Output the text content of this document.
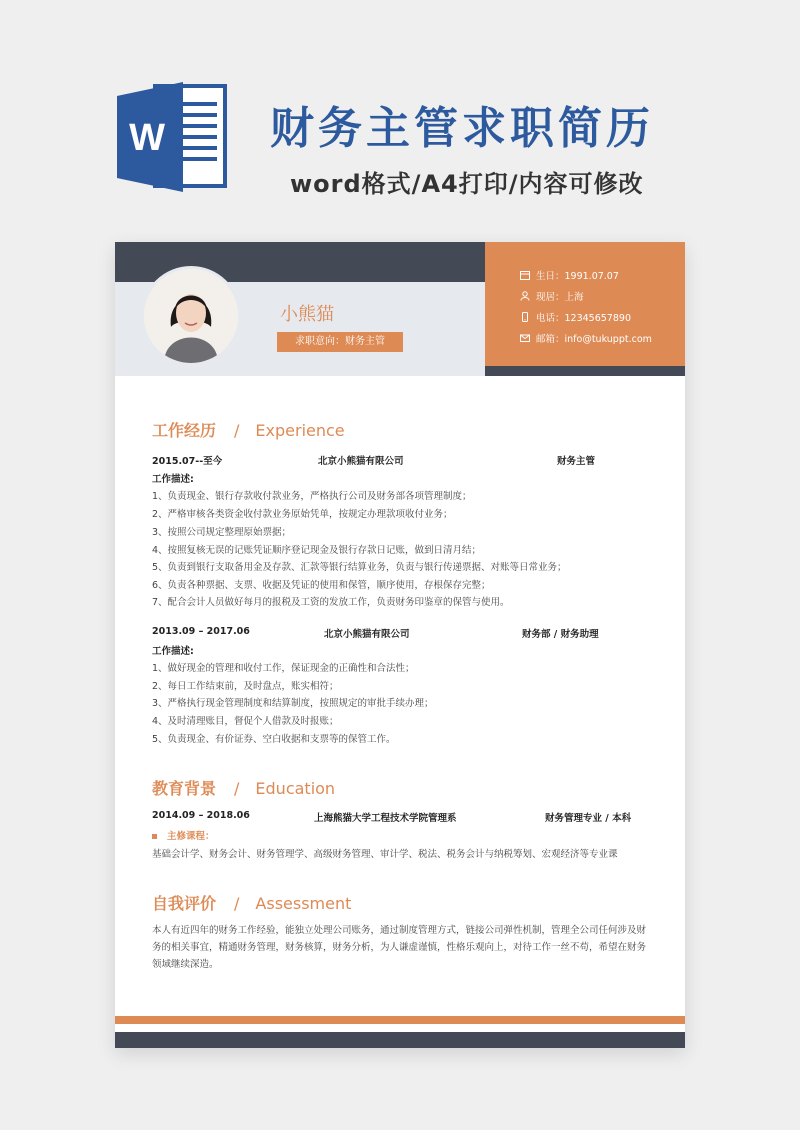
W 财务主管求职简历
word格式/A4打印/内容可修改
小熊猫
求职意向：财务主管
生日：1991.07.07
现居：上海
电话：12345657890
邮箱：info@tukuppt.com
工作经历 / Experience
2015.07--至今	北京小熊猫有限公司	财务主管
工作描述:
1、负责现金、银行存款收付款业务，严格执行公司及财务部各项管理制度；
2、严格审核各类资金收付款业务原始凭单，按规定办理款项收付业务；
3、按照公司规定整理原始票据；
4、按照复核无误的记账凭证顺序登记现金及银行存款日记账，做到日清月结；
5、负责到银行支取备用金及存款、汇款等银行结算业务，负责与银行传递票据、对账等日常业务；
6、负责各种票据、支票、收据及凭证的使用和保管，顺序使用，存根保存完整；
7、配合会计人员做好每月的报税及工资的发放工作，负责财务印鉴章的保管与使用。
2013.09 – 2017.06	北京小熊猫有限公司	财务部 / 财务助理
工作描述:
1、做好现金的管理和收付工作，保证现金的正确性和合法性；
2、每日工作结束前，及时盘点，账实相符；
3、严格执行现金管理制度和结算制度，按照规定的审批手续办理；
4、及时清理账目，督促个人借款及时报账；
5、负责现金、有价证券、空白收据和支票等的保管工作。
教育背景 / Education
2014.09 – 2018.06	上海熊猫大学工程技术学院管理系	财务管理专业 / 本科
主修课程：
基础会计学、财务会计、财务管理学、高级财务管理、审计学、税法、税务会计与纳税筹划、宏观经济等专业课
自我评价 / Assessment
本人有近四年的财务工作经验，能独立处理公司账务，通过制度管理方式，链接公司弹性机制，管理全公司任何涉及财务的相关事宜，精通财务管理，财务核算，财务分析，为人谦虚谨慎，性格乐观向上，对待工作一丝不苟，希望在财务领域继续深造。
